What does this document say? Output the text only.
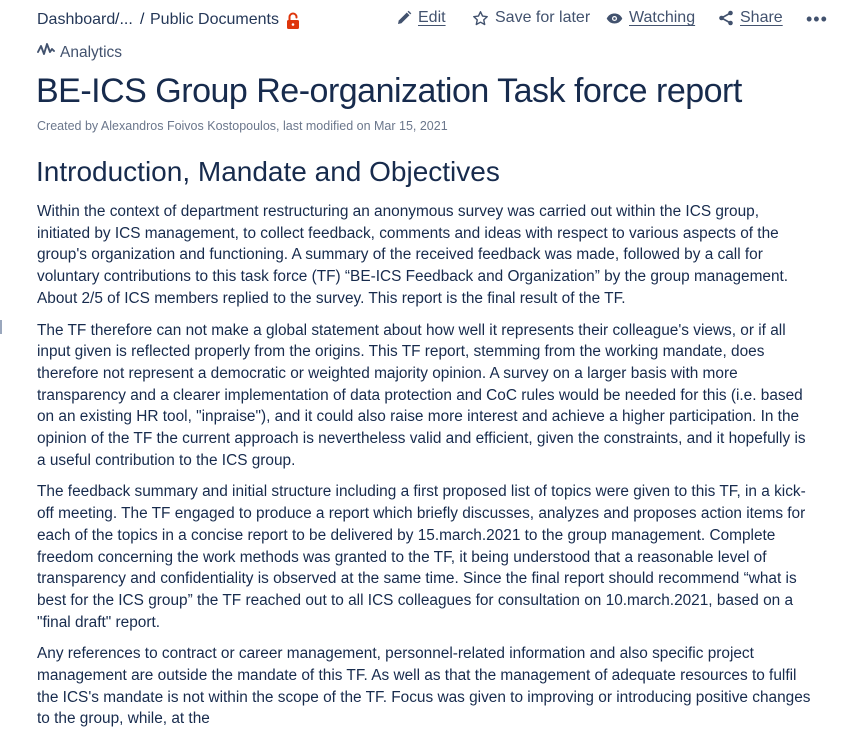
Dashboard /... / Public Documents	Edit	Save for later Watching	Share •••
Analytics
BE-ICS Group Re-organization Task force report
Created by Alexandros Foivos Kostopoulos, last modified on Mar 15, 2021
Introduction, Mandate and Objectives

Within the context of department restructuring an anonymous survey was carried out within the ICS group, initiated by ICS management, to collect feedback, comments and ideas with respect to various aspects of the group's organization and functioning. A summary of the received feedback was made, followed by a call for voluntary contributions to this task force (TF) “BE-ICS Feedback and Organization” by the group management. About 2/5 of ICS members replied to the survey. This report is the final result of the TF.

The TF therefore can not make a global statement about how well it represents their colleague's views, or if all input given is reflected properly from the origins. This TF report, stemming from the working mandate, does therefore not represent a democratic or weighted majority opinion. A survey on a larger basis with more transparency and a clearer implementation of data protection and CoC rules would be needed for this (i.e. based on an existing HR tool, "inpraise"), and it could also raise more interest and achieve a higher participation. In the opinion of the TF the current approach is nevertheless valid and efficient, given the constraints, and it hopefully is a useful contribution to the ICS group.

The feedback summary and initial structure including a first proposed list of topics were given to this TF, in a kick-off meeting. The TF engaged to produce a report which briefly discusses, analyzes and proposes action items for each of the topics in a concise report to be delivered by 15.march.2021 to the group management. Complete freedom concerning the work methods was granted to the TF, it being understood that a reasonable level of transparency and confidentiality is observed at the same time. Since the final report should recommend “what is best for the ICS group” the TF reached out to all ICS colleagues for consultation on 10.march.2021, based on a "final draft" report.

Any references to contract or career management, personnel-related information and also specific project management are outside the mandate of this TF. As well as that the management of adequate resources to fulfil the ICS's mandate is not within the scope of the TF. Focus was given to improving or introducing positive changes to the group, while, at the
